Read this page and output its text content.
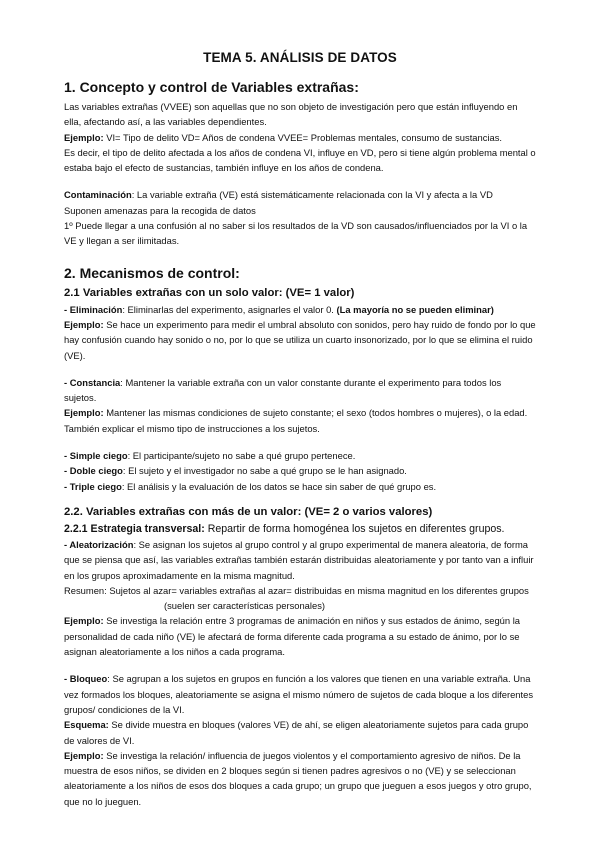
TEMA 5. ANÁLISIS DE DATOS
1. Concepto y control de Variables extrañas:

Las variables extrañas (VVEE) son aquellas que no son objeto de investigación pero que están influyendo en ella, afectando así, a las variables dependientes.

Ejemplo: VI= Tipo de delito VD= Años de condena VVEE= Problemas mentales, consumo de sustancias.

Es decir, el tipo de delito afectada a los años de condena VI, influye en VD, pero si tiene algún problema mental o estaba bajo el efecto de sustancias, también influye en los años de condena.

Contaminación: La variable extraña (VE) está sistemáticamente relacionada con la VI y afecta a la VD

Suponen amenazas para la recogida de datos

1º Puede llegar a una confusión al no saber si los resultados de la VD son causados/influenciados por la VI o la VE y llegan a ser ilimitadas.

2. Mecanismos de control:
2.1 Variables extrañas con un solo valor: (VE= 1 valor)

- Eliminación: Eliminarlas del experimento, asignarles el valor 0. (La mayoría no se pueden eliminar)

Ejemplo: Se hace un experimento para medir el umbral absoluto con sonidos, pero hay ruido de fondo por lo que hay confusión cuando hay sonido o no, por lo que se utiliza un cuarto insonorizado, por lo que se elimina el ruido (VE).

- Constancia: Mantener la variable extraña con un valor constante durante el experimento para todos los sujetos.

Ejemplo: Mantener las mismas condiciones de sujeto constante; el sexo (todos hombres o mujeres), o la edad. También explicar el mismo tipo de instrucciones a los sujetos.

- Simple ciego: El participante/sujeto no sabe a qué grupo pertenece.

- Doble ciego: El sujeto y el investigador no sabe a qué grupo se le han asignado.

- Triple ciego: El análisis y la evaluación de los datos se hace sin saber de qué grupo es.

2.2. Variables extrañas con más de un valor: (VE= 2 o varios valores)

2.2.1 Estrategia transversal: Repartir de forma homogénea los sujetos en diferentes grupos.

- Aleatorización: Se asignan los sujetos al grupo control y al grupo experimental de manera aleatoria, de forma que se piensa que así, las variables extrañas también estarán distribuidas aleatoriamente y por tanto van a influir en los grupos aproximadamente en la misma magnitud.

Resumen: Sujetos al azar= variables extrañas al azar= distribuidas en misma magnitud en los diferentes grupos
(suelen ser características personales)

Ejemplo: Se investiga la relación entre 3 programas de animación en niños y sus estados de ánimo, según la personalidad de cada niño (VE) le afectará de forma diferente cada programa a su estado de ánimo, por lo se asignan aleatoriamente a los niños a cada programa.

- Bloqueo: Se agrupan a los sujetos en grupos en función a los valores que tienen en una variable extraña. Una vez formados los bloques, aleatoriamente se asigna el mismo número de sujetos de cada bloque a los diferentes grupos/ condiciones de la VI.

Esquema: Se divide muestra en bloques (valores VE) de ahí, se eligen aleatoriamente sujetos para cada grupo de valores de VI.

Ejemplo: Se investiga la relación/ influencia de juegos violentos y el comportamiento agresivo de niños. De la muestra de esos niños, se dividen en 2 bloques según si tienen padres agresivos o no (VE) y se seleccionan aleatoriamente a los niños de esos dos bloques a cada grupo; un grupo que jueguen a esos juegos y otro grupo, que no lo jueguen.
